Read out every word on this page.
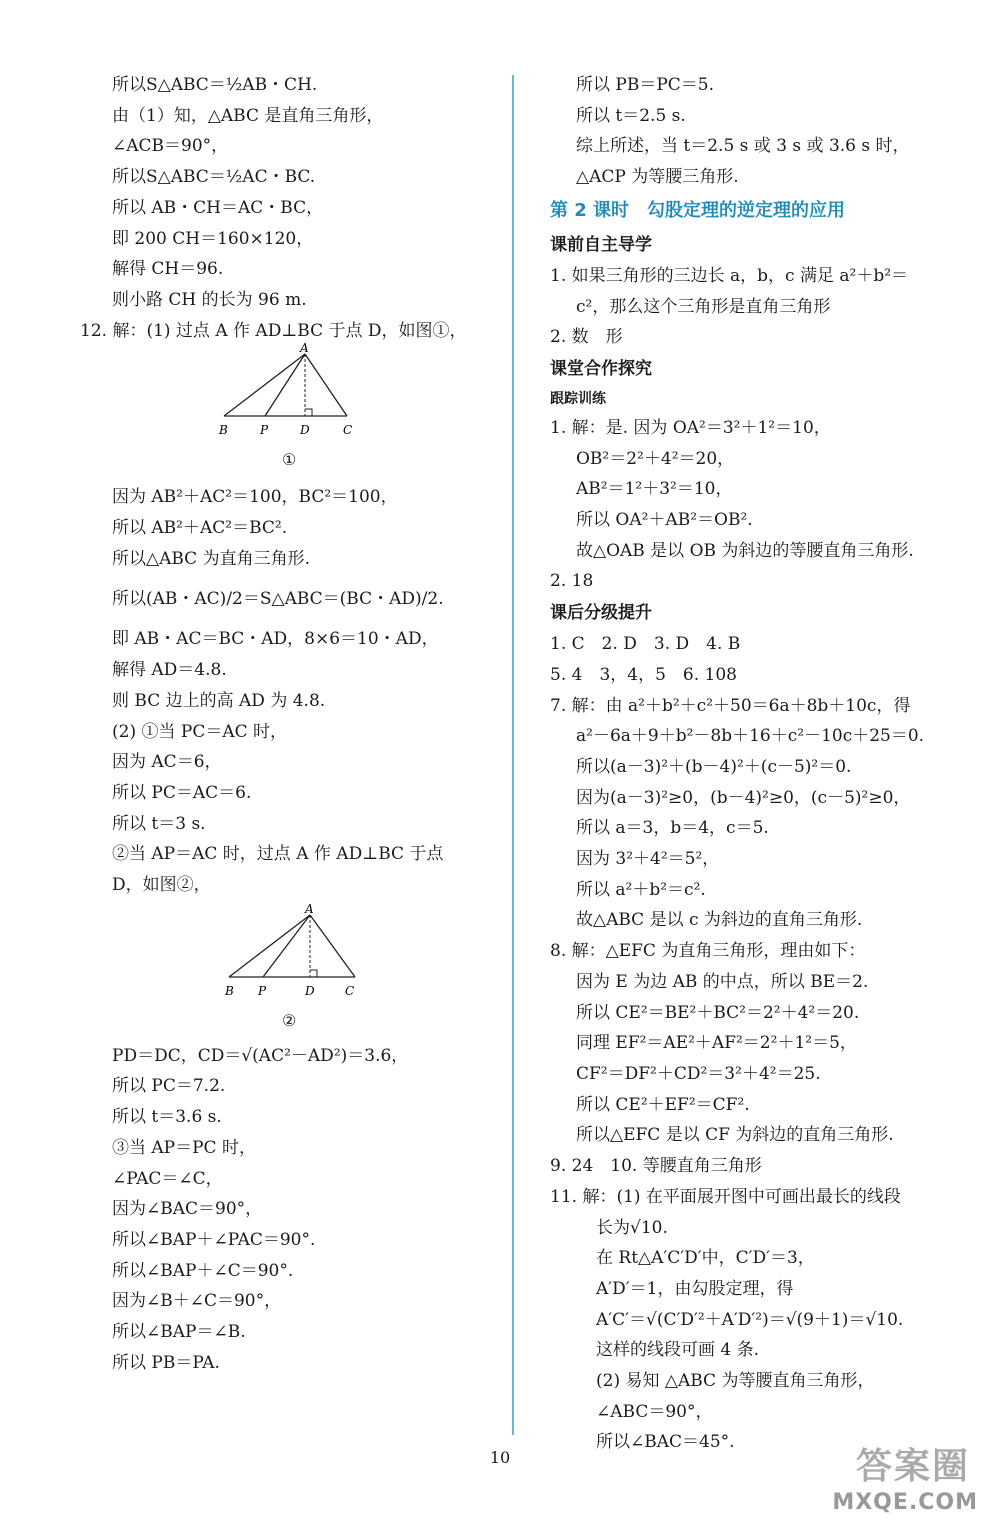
所以S△ABC＝½AB・CH.
由（1）知，△ABC 是直角三角形，
∠ACB＝90°，
所以S△ABC＝½AC・BC.
所以 AB・CH＝AC・BC，
即 200 CH＝160×120，
解得 CH＝96.
则小路 CH 的长为 96 m.
12. 解：(1) 过点 A 作 AD⊥BC 于点 D，如图①，
A
B	P	D	C
①
因为 AB²＋AC²＝100，BC²＝100，
所以 AB²＋AC²＝BC².
所以△ABC 为直角三角形.
所以(AB・AC)/2＝S△ABC＝(BC・AD)/2.
即 AB・AC＝BC・AD，8×6＝10・AD，
解得 AD＝4.8.
则 BC 边上的高 AD 为 4.8.
(2) ①当 PC＝AC 时，
因为 AC＝6，
所以 PC＝AC＝6.
所以 t＝3 s.
②当 AP＝AC 时，过点 A 作 AD⊥BC 于点
D，如图②，
A
B P	D	C
②
PD＝DC，CD＝√(AC²－AD²)＝3.6，
所以 PC＝7.2.
所以 t＝3.6 s.
③当 AP＝PC 时，
∠PAC＝∠C，
因为∠BAC＝90°，
所以∠BAP＋∠PAC＝90°.
所以∠BAP＋∠C＝90°.
因为∠B＋∠C＝90°，
所以∠BAP＝∠B.
所以 PB＝PA.
所以 PB＝PC＝5.
所以 t＝2.5 s.
综上所述，当 t＝2.5 s 或 3 s 或 3.6 s 时，
△ACP 为等腰三角形.
第 2 课时　勾股定理的逆定理的应用
课前自主导学
1. 如果三角形的三边长 a，b，c 满足 a²＋b²＝
c²，那么这个三角形是直角三角形
2. 数　形
课堂合作探究
跟踪训练
1. 解：是. 因为 OA²＝3²＋1²＝10，
OB²＝2²＋4²＝20，
AB²＝1²＋3²＝10，
所以 OA²＋AB²＝OB².
故△OAB 是以 OB 为斜边的等腰直角三角形.
2. 18
课后分级提升
1. C　2. D　3. D　4. B
5. 4　3，4，5　6. 108
7. 解：由 a²＋b²＋c²＋50＝6a＋8b＋10c，得
a²－6a＋9＋b²－8b＋16＋c²－10c＋25＝0.
所以(a－3)²＋(b－4)²＋(c－5)²＝0.
因为(a－3)²≥0，(b－4)²≥0，(c－5)²≥0，
所以 a＝3，b＝4，c＝5.
因为 3²＋4²＝5²，
所以 a²＋b²＝c².
故△ABC 是以 c 为斜边的直角三角形.
8. 解：△EFC 为直角三角形，理由如下：
因为 E 为边 AB 的中点，所以 BE＝2.
所以 CE²＝BE²＋BC²＝2²＋4²＝20.
同理 EF²＝AE²＋AF²＝2²＋1²＝5，
CF²＝DF²＋CD²＝3²＋4²＝25.
所以 CE²＋EF²＝CF².
所以△EFC 是以 CF 为斜边的直角三角形.
9. 24　10. 等腰直角三角形
11. 解：(1) 在平面展开图中可画出最长的线段
长为√10.
在 Rt△A′C′D′中，C′D′＝3，
A′D′＝1，由勾股定理，得
A′C′＝√(C′D′²＋A′D′²)＝√(9＋1)＝√10.
这样的线段可画 4 条.
(2) 易知 △ABC 为等腰直角三角形，
∠ABC＝90°，
所以∠BAC＝45°.
10	答案圈
MXQE.COM
